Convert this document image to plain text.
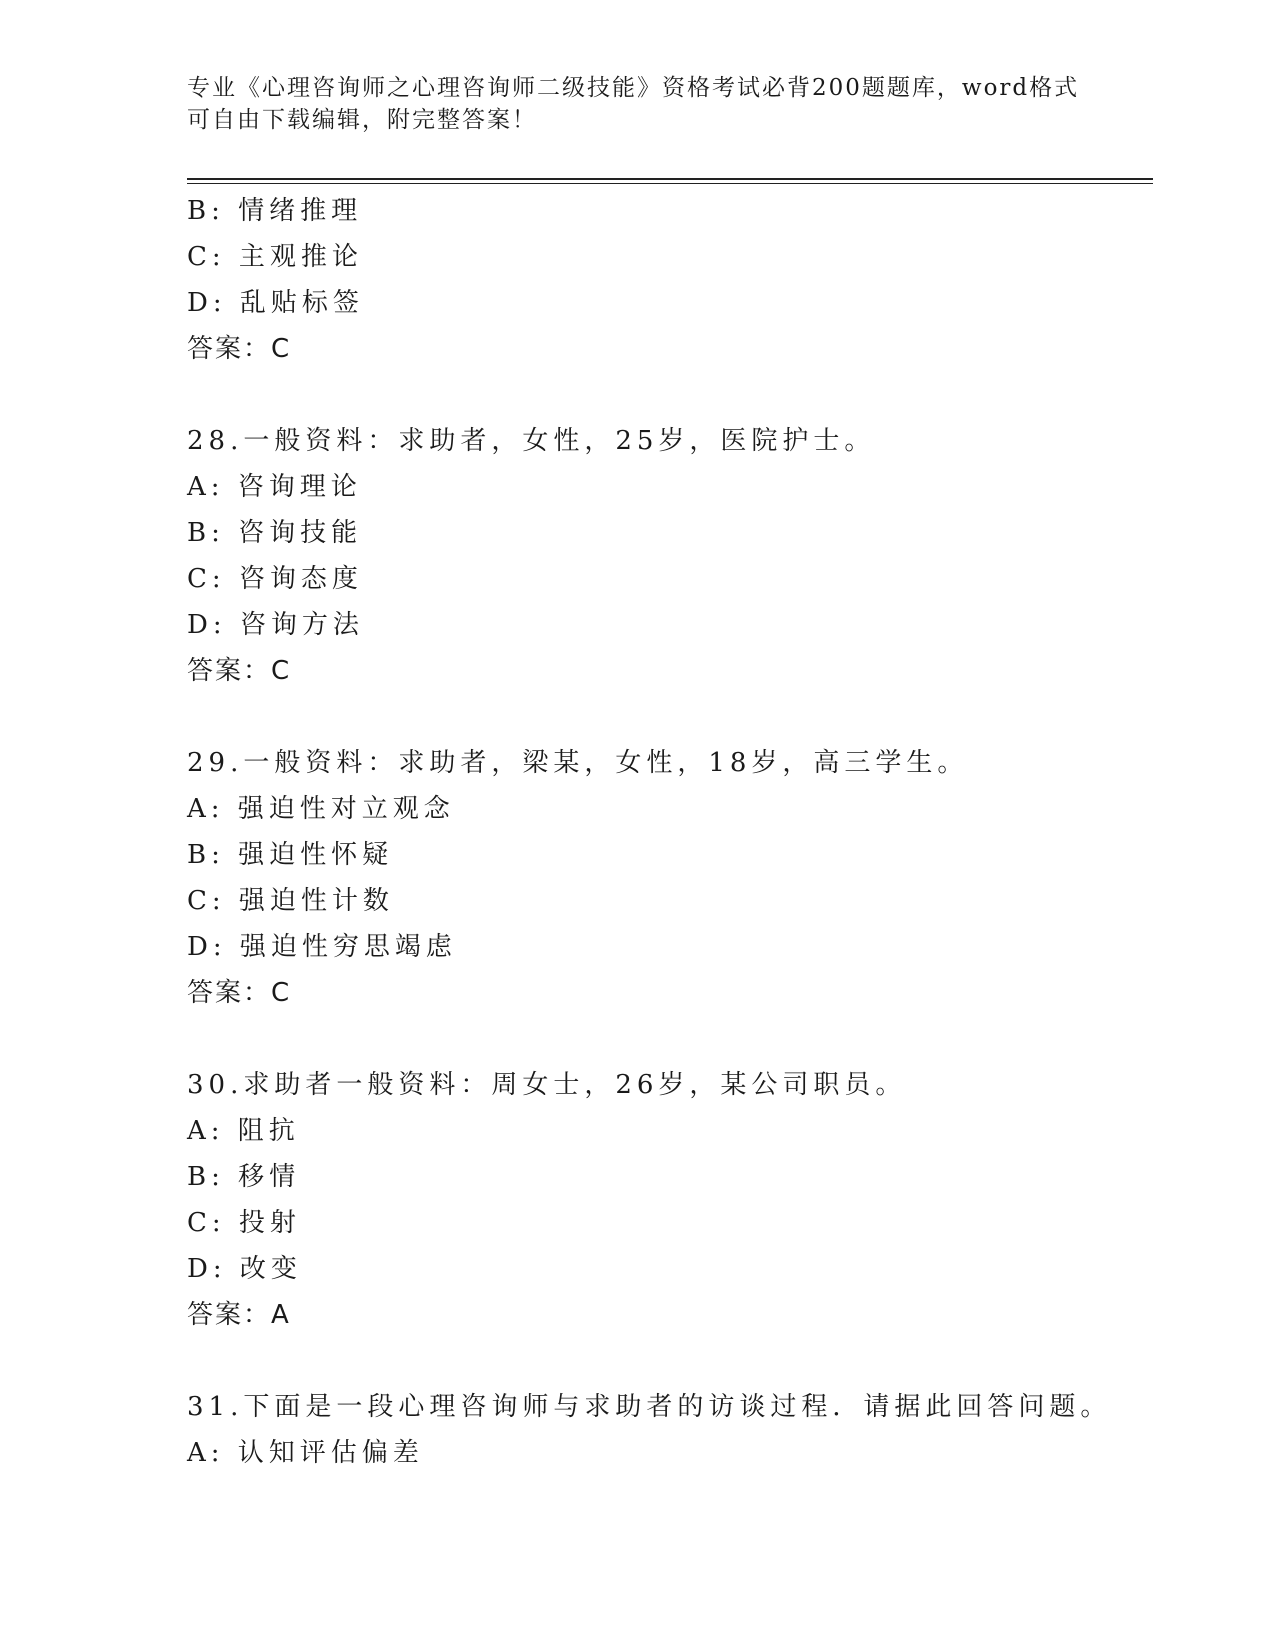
专业《心理咨询师之心理咨询师二级技能》资格考试必背200题题库，word格式
可自由下载编辑，附完整答案！
B: 情绪推理
C: 主观推论
D: 乱贴标签
答案：C
28.一般资料：求助者，女性，25岁，医院护士。
A: 咨询理论
B: 咨询技能
C: 咨询态度
D: 咨询方法
答案：C
29.一般资料：求助者，梁某，女性，18岁，高三学生。
A: 强迫性对立观念
B: 强迫性怀疑
C: 强迫性计数
D: 强迫性穷思竭虑
答案：C
30.求助者一般资料：周女士，26岁，某公司职员。
A: 阻抗
B: 移情
C: 投射
D: 改变
答案：A
31.下面是一段心理咨询师与求助者的访谈过程．请据此回答问题。
A: 认知评估偏差
